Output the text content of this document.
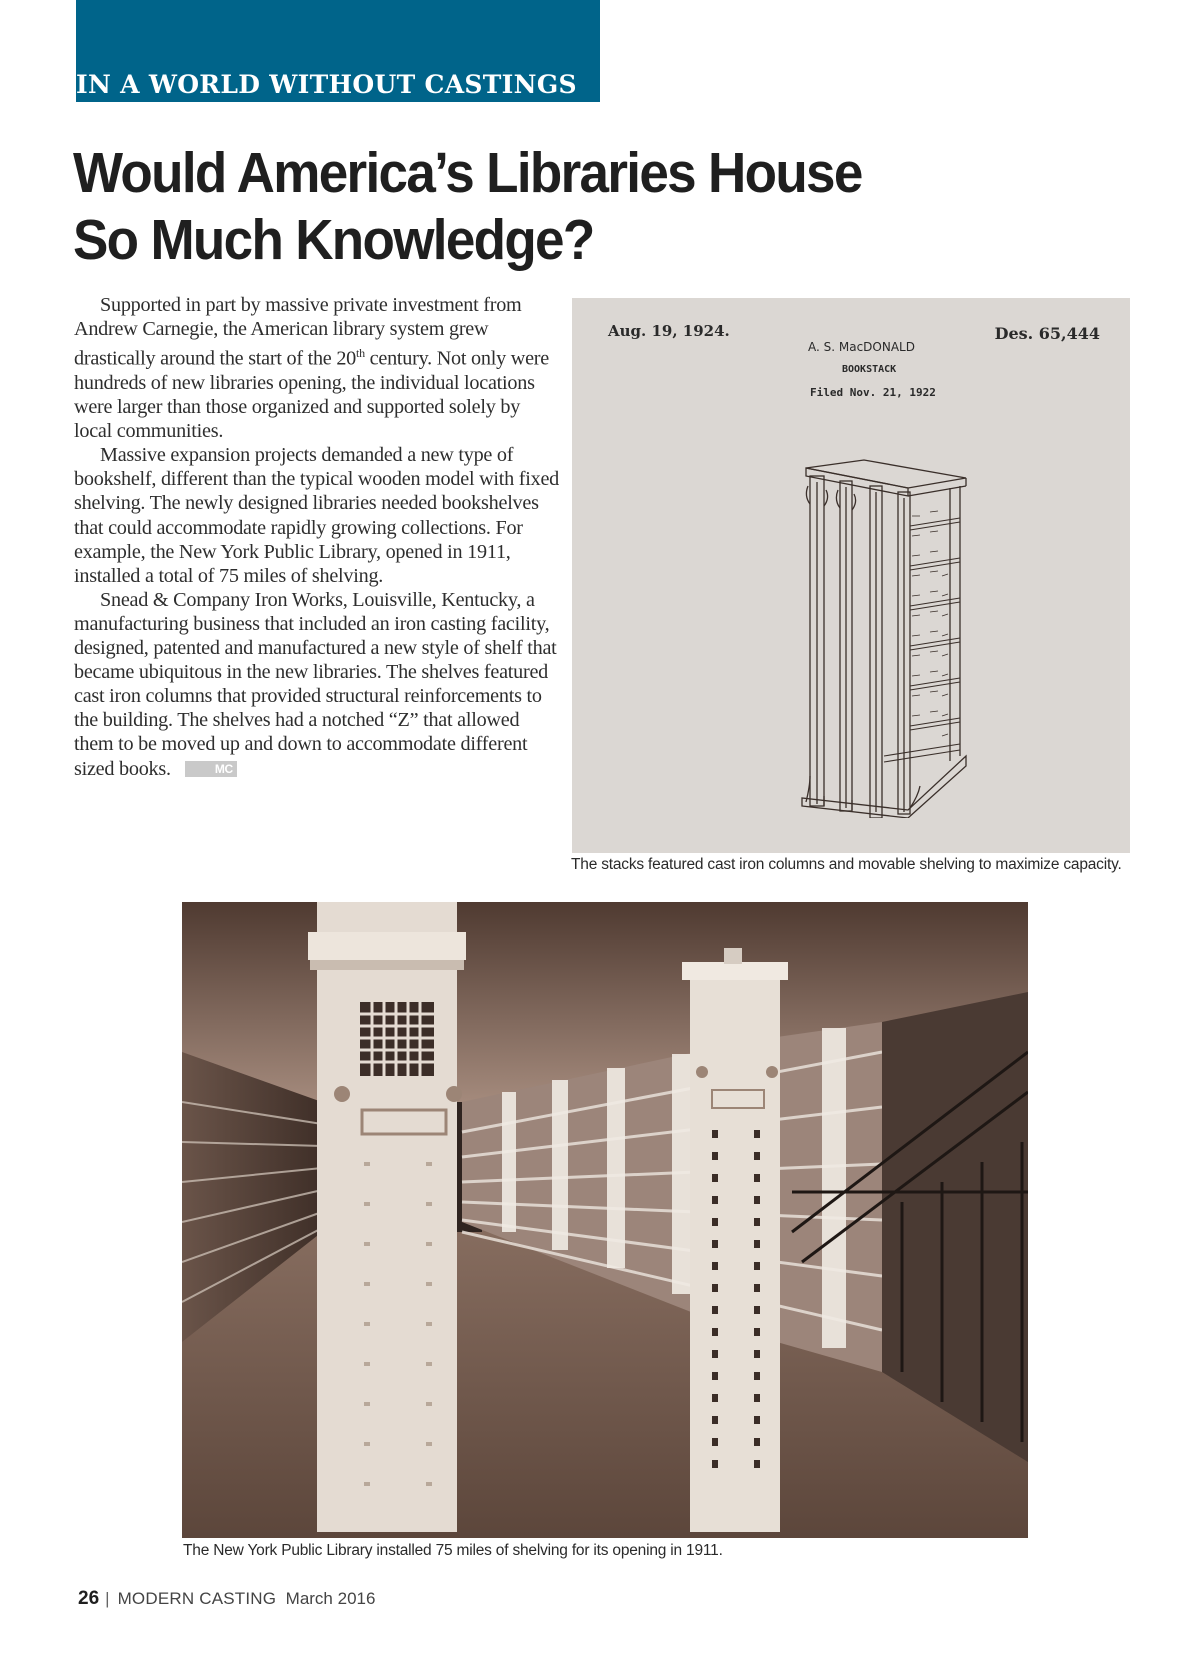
IN A WORLD WITHOUT CASTINGS
Would America’s Libraries House
So Much Knowledge?

Supported in part by massive private investment from Andrew Carnegie, the American library system grew drastically around the start of the 20th century. Not only were hundreds of new libraries opening, the individual locations were larger than those organized and supported solely by local communities.

Massive expansion projects demanded a new type of bookshelf, different than the typical wooden model with fixed shelving. The newly designed libraries needed bookshelves that could accommodate rapidly growing collections. For example, the New York Public Library, opened in 1911, installed a total of 75 miles of shelving.

Snead & Company Iron Works, Louisville, Kentucky, a manufacturing business that included an iron casting facility, designed, patented and manufactured a new style of shelf that became ubiquitous in the new libraries. The shelves featured cast iron columns that provided structural reinforcements to the building. The shelves had a notched “Z” that allowed them to be moved up and down to accommodate different sized books.	MC

Aug. 19, 1924.	Des. 65,444
A. S. MacDONALD
BOOKSTACK
Filed Nov. 21, 1922
The stacks featured cast iron columns and movable shelving to maximize capacity.
The New York Public Library installed 75 miles of shelving for its opening in 1911.
26 | MODERN CASTING March 2016
